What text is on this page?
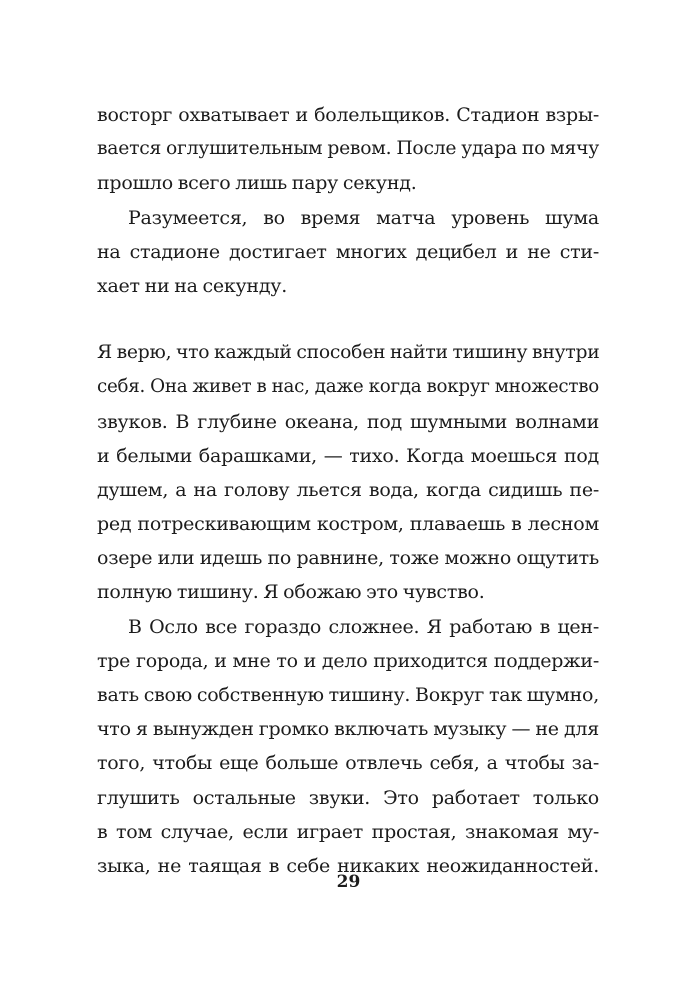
восторг охватывает и болельщиков. Стадион взры-
вается оглушительным ревом. После удара по мячу
прошло всего лишь пару секунд.
Разумеется, во время матча уровень шума
на стадионе достигает многих децибел и не сти-
хает ни на секунду.
Я верю, что каждый способен найти тишину внутри
себя. Она живет в нас, даже когда вокруг множество
звуков. В глубине океана, под шумными волнами
и белыми барашками, — тихо. Когда моешься под
душем, а на голову льется вода, когда сидишь пе-
ред потрескивающим костром, плаваешь в лесном
озере или идешь по равнине, тоже можно ощутить
полную тишину. Я обожаю это чувство.
В Осло все гораздо сложнее. Я работаю в цен-
тре города, и мне то и дело приходится поддержи-
вать свою собственную тишину. Вокруг так шумно,
что я вынужден громко включать музыку — не для
того, чтобы еще больше отвлечь себя, а чтобы за-
глушить остальные звуки. Это работает только
в том случае, если играет простая, знакомая му-
зыка, не таящая в себе никаких неожиданностей.
29
